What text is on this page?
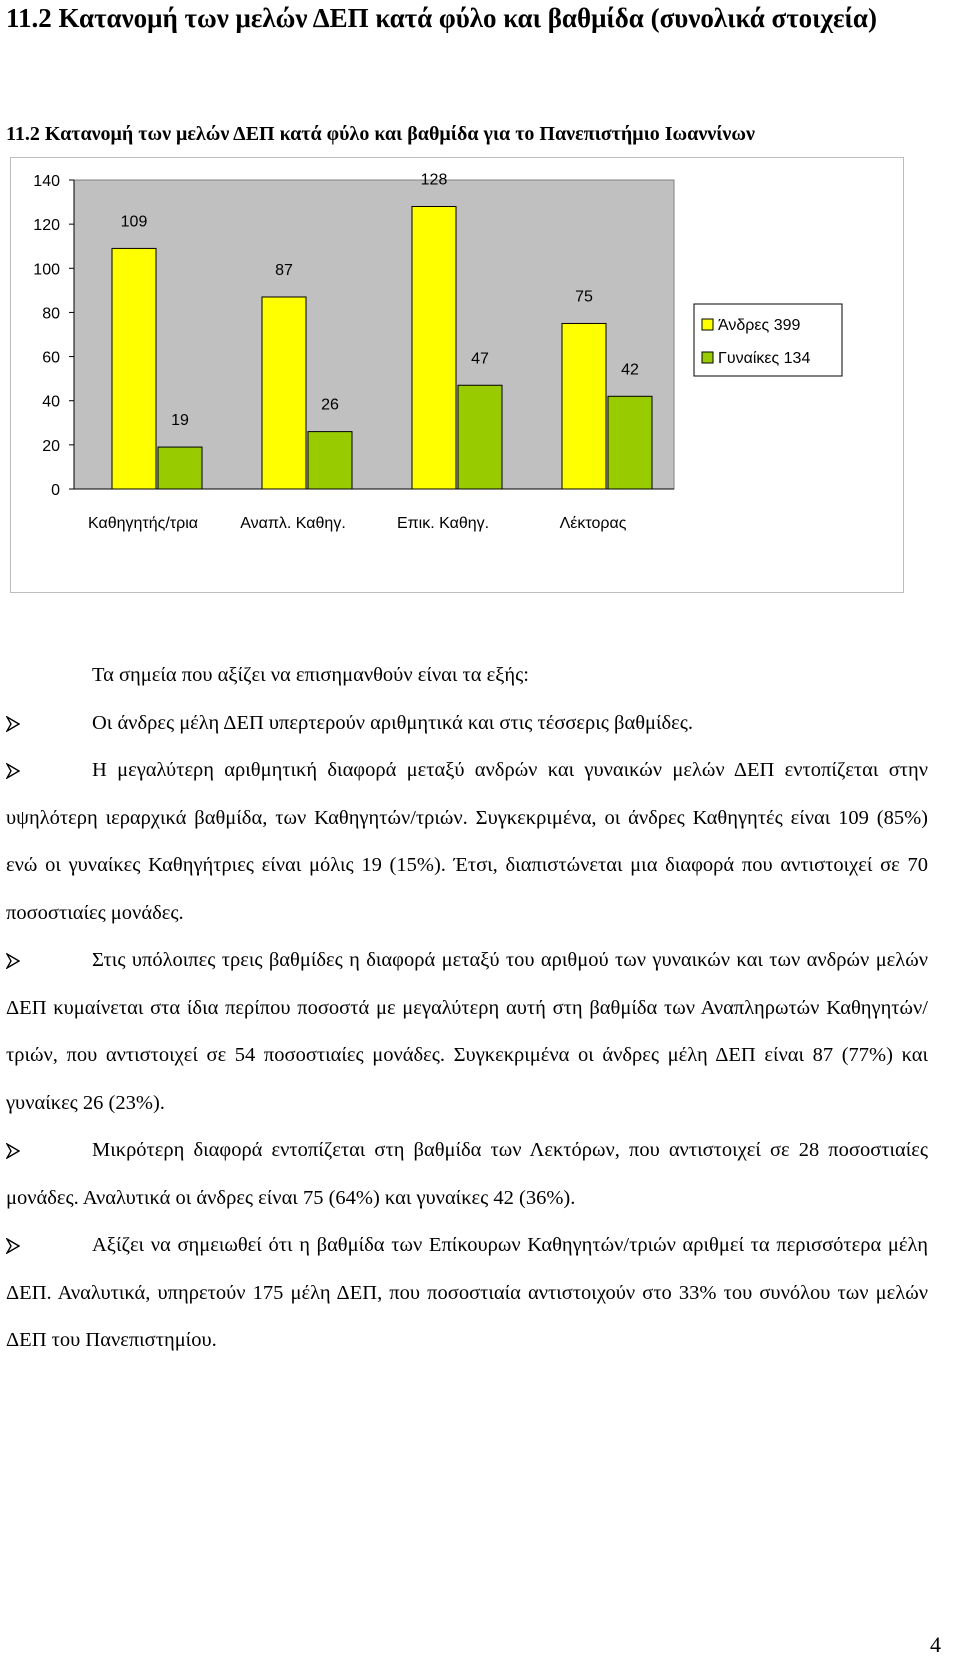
11.2 Κατανομή των μελών ΔΕΠ κατά φύλο και βαθμίδα (συνολικά στοιχεία)
11.2 Κατανομή των μελών ΔΕΠ κατά φύλο και βαθμίδα για το Πανεπιστήμιο Ιωαννίνων
0
20
40
60
80
100
120
140
109
19
Καθηγητής/τρια
87
26
Αναπλ. Καθηγ.
128
47
Επικ. Καθηγ.
75
42
Λέκτορας
Άνδρες 399
Γυναίκες 134
Τα σημεία που αξίζει να επισημανθούν είναι τα εξής:
Οι άνδρες μέλη ΔΕΠ υπερτερούν αριθμητικά και στις τέσσερις βαθμίδες.
Η μεγαλύτερη αριθμητική διαφορά μεταξύ ανδρών και γυναικών μελών ΔΕΠ εντοπίζεται στην υψηλότερη ιεραρχικά βαθμίδα, των Καθηγητών/τριών. Συγκεκριμένα, οι άνδρες Καθηγητές είναι 109 (85%) ενώ οι γυναίκες Καθηγήτριες είναι μόλις 19 (15%). Έτσι, διαπιστώνεται μια διαφορά που αντιστοιχεί σε 70 ποσοστιαίες μονάδες.
Στις υπόλοιπες τρεις βαθμίδες η διαφορά μεταξύ του αριθμού των γυναικών και των ανδρών μελών ΔΕΠ κυμαίνεται στα ίδια περίπου ποσοστά με μεγαλύτερη αυτή στη βαθμίδα των Αναπληρωτών Καθηγητών/τριών, που αντιστοιχεί σε 54 ποσοστιαίες μονάδες. Συγκεκριμένα οι άνδρες μέλη ΔΕΠ είναι 87 (77%) και γυναίκες 26 (23%).
Μικρότερη διαφορά εντοπίζεται στη βαθμίδα των Λεκτόρων, που αντιστοιχεί σε 28 ποσοστιαίες μονάδες. Αναλυτικά οι άνδρες είναι 75 (64%) και γυναίκες 42 (36%).
Αξίζει να σημειωθεί ότι η βαθμίδα των Επίκουρων Καθηγητών/τριών αριθμεί τα περισσότερα μέλη ΔΕΠ. Αναλυτικά, υπηρετούν 175 μέλη ΔΕΠ, που ποσοστιαία αντιστοιχούν στο 33% του συνόλου των μελών ΔΕΠ του Πανεπιστημίου.
4
